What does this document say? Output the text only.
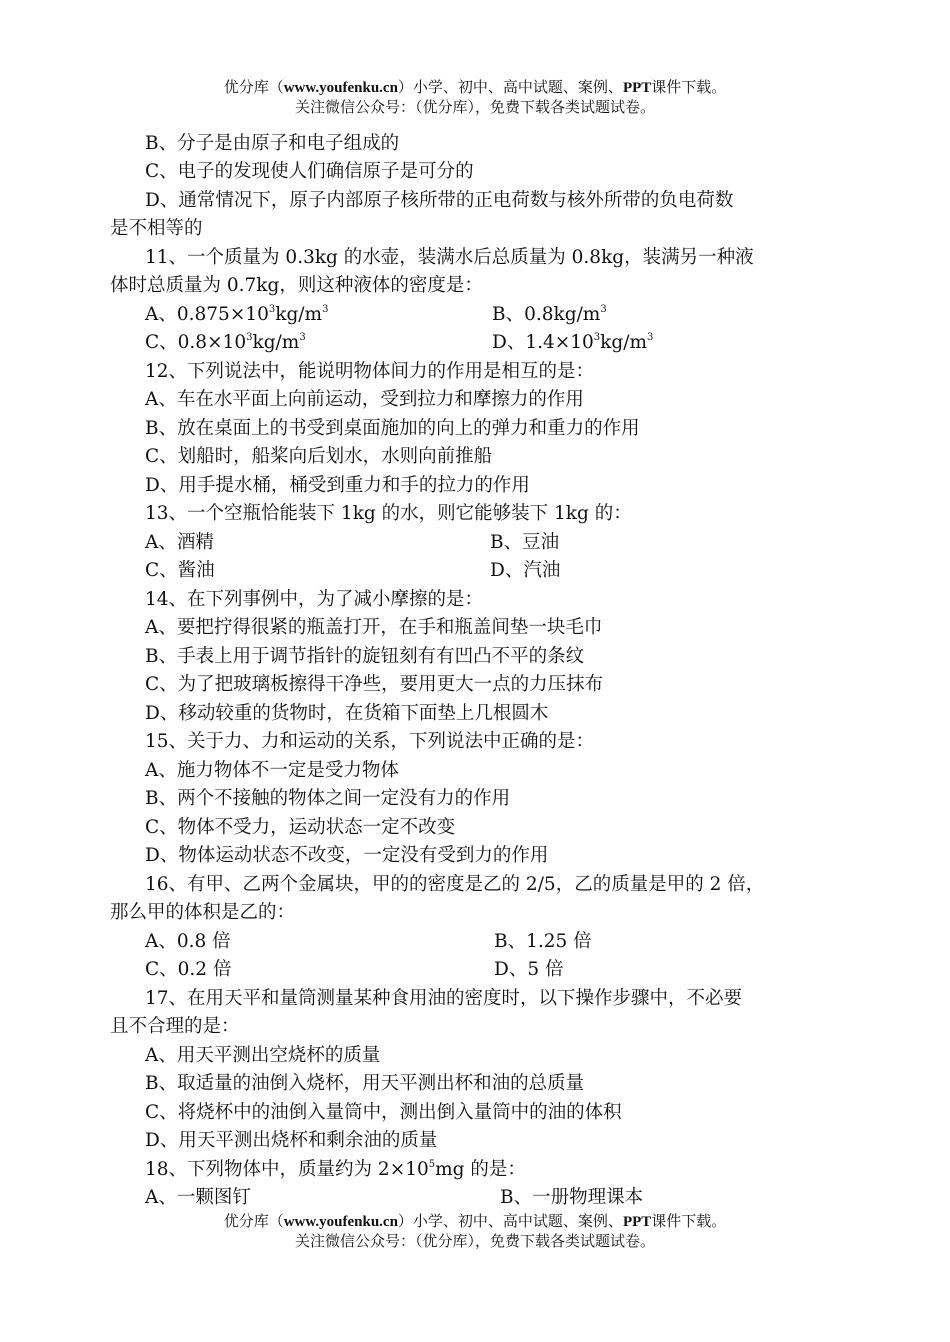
优分库（www.youfenku.cn）小学、初中、高中试题、案例、PPT课件下载。
关注微信公众号：（优分库），免费下载各类试题试卷。
B、分子是由原子和电子组成的
C、电子的发现使人们确信原子是可分的
D、通常情况下，原子内部原子核所带的正电荷数与核外所带的负电荷数
是不相等的
11、一个质量为 0.3kg 的水壶，装满水后总质量为 0.8kg，装满另一种液
体时总质量为 0.7kg，则这种液体的密度是：
A、$0.875\times 10^3kg/m^3$	B、$0.8kg/m^3$
C、$0.8\times 10^3kg/m^3$	D、$1.4\times 10^3kg/m^3$
12、下列说法中，能说明物体间力的作用是相互的是：
A、车在水平面上向前运动，受到拉力和摩擦力的作用
B、放在桌面上的书受到桌面施加的向上的弹力和重力的作用
C、划船时，船桨向后划水，水则向前推船
D、用手提水桶，桶受到重力和手的拉力的作用
13、一个空瓶恰能装下 1kg 的水，则它能够装下 1kg 的：
A、酒精	B、豆油
C、酱油	D、汽油
14、在下列事例中，为了减小摩擦的是：
A、要把拧得很紧的瓶盖打开，在手和瓶盖间垫一块毛巾
B、手表上用于调节指针的旋钮刻有有凹凸不平的条纹
C、为了把玻璃板擦得干净些，要用更大一点的力压抹布
D、移动较重的货物时，在货箱下面垫上几根圆木
15、关于力、力和运动的关系，下列说法中正确的是：
A、施力物体不一定是受力物体
B、两个不接触的物体之间一定没有力的作用
C、物体不受力，运动状态一定不改变
D、物体运动状态不改变，一定没有受到力的作用
16、有甲、乙两个金属块，甲的的密度是乙的 2/5，乙的质量是甲的 2 倍，
那么甲的体积是乙的：
A、0.8 倍	B、1.25 倍
C、0.2 倍	D、5 倍
17、在用天平和量筒测量某种食用油的密度时，以下操作步骤中，不必要
且不合理的是：
A、用天平测出空烧杯的质量
B、取适量的油倒入烧杯，用天平测出杯和油的总质量
C、将烧杯中的油倒入量筒中，测出倒入量筒中的油的体积
D、用天平测出烧杯和剩余油的质量
18、下列物体中，质量约为 $2\times 10^5mg$ 的是：
A、一颗图钉	B、一册物理课本
优分库（www.youfenku.cn）小学、初中、高中试题、案例、PPT课件下载。
关注微信公众号：（优分库），免费下载各类试题试卷。
